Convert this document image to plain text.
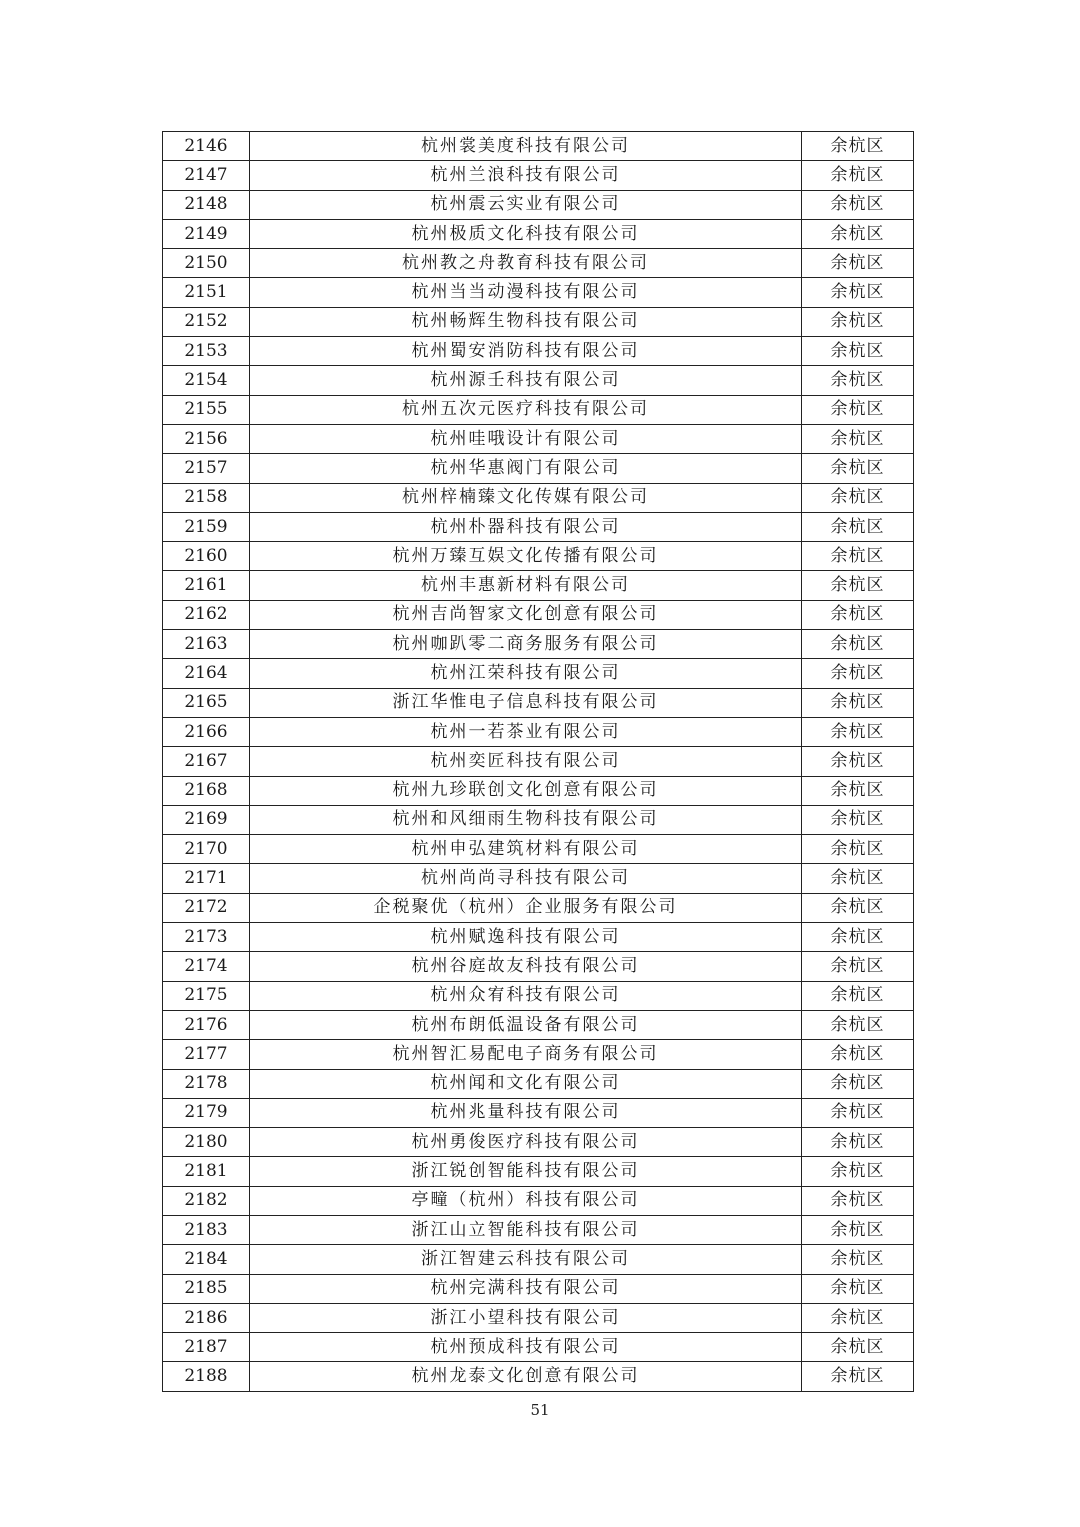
2146	杭州裳美度科技有限公司	余杭区
2147	杭州兰浪科技有限公司	余杭区
2148	杭州震云实业有限公司	余杭区
2149	杭州极质文化科技有限公司	余杭区
2150	杭州教之舟教育科技有限公司	余杭区
2151	杭州当当动漫科技有限公司	余杭区
2152	杭州畅辉生物科技有限公司	余杭区
2153	杭州蜀安消防科技有限公司	余杭区
2154	杭州源壬科技有限公司	余杭区
2155	杭州五次元医疗科技有限公司	余杭区
2156	杭州哇哦设计有限公司	余杭区
2157	杭州华惠阀门有限公司	余杭区
2158	杭州梓楠臻文化传媒有限公司	余杭区
2159	杭州朴器科技有限公司	余杭区
2160	杭州万臻互娱文化传播有限公司	余杭区
2161	杭州丰惠新材料有限公司	余杭区
2162	杭州吉尚智家文化创意有限公司	余杭区
2163	杭州咖趴零二商务服务有限公司	余杭区
2164	杭州江荣科技有限公司	余杭区
2165	浙江华惟电子信息科技有限公司	余杭区
2166	杭州一若茶业有限公司	余杭区
2167	杭州奕匠科技有限公司	余杭区
2168	杭州九珍联创文化创意有限公司	余杭区
2169	杭州和风细雨生物科技有限公司	余杭区
2170	杭州申弘建筑材料有限公司	余杭区
2171	杭州尚尚寻科技有限公司	余杭区
2172	企税聚优（杭州）企业服务有限公司	余杭区
2173	杭州赋逸科技有限公司	余杭区
2174	杭州谷庭故友科技有限公司	余杭区
2175	杭州众宥科技有限公司	余杭区
2176	杭州布朗低温设备有限公司	余杭区
2177	杭州智汇易配电子商务有限公司	余杭区
2178	杭州闻和文化有限公司	余杭区
2179	杭州兆量科技有限公司	余杭区
2180	杭州勇俊医疗科技有限公司	余杭区
2181	浙江锐创智能科技有限公司	余杭区
2182	亭疃（杭州）科技有限公司	余杭区
2183	浙江山立智能科技有限公司	余杭区
2184	浙江智建云科技有限公司	余杭区
2185	杭州完满科技有限公司	余杭区
2186	浙江小望科技有限公司	余杭区
2187	杭州预成科技有限公司	余杭区
2188	杭州龙泰文化创意有限公司	余杭区
51
